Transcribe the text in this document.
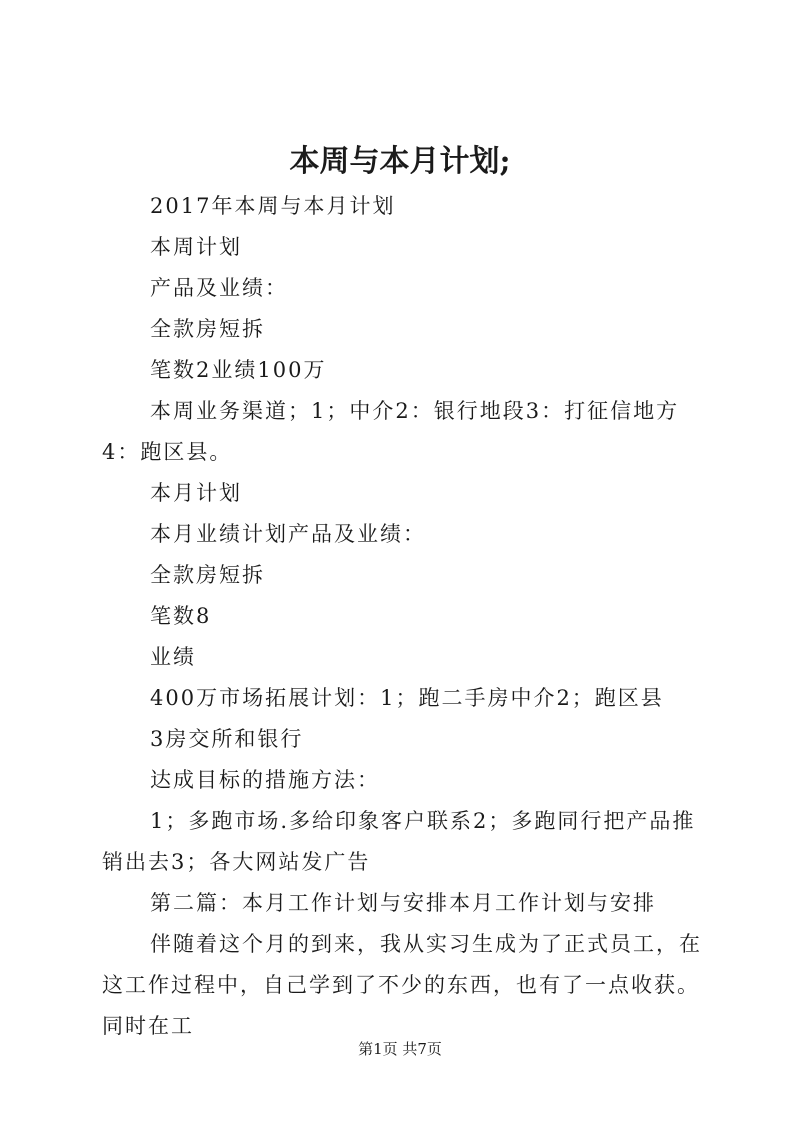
本周与本月计划;

2017年本周与本月计划

本周计划

产品及业绩：

全款房短拆

笔数2业绩100万

本周业务渠道；1；中介2：银行地段3：打征信地方4：跑区县。

本月计划

本月业绩计划产品及业绩：

全款房短拆

笔数8

业绩

400万市场拓展计划：1；跑二手房中介2；跑区县

3房交所和银行

达成目标的措施方法：

1；多跑市场.多给印象客户联系2；多跑同行把产品推销出去3；各大网站发广告

第二篇：本月工作计划与安排本月工作计划与安排

伴随着这个月的到来，我从实习生成为了正式员工，在这工作过程中，自己学到了不少的东西，也有了一点收获。同时在工

第1页 共7页
